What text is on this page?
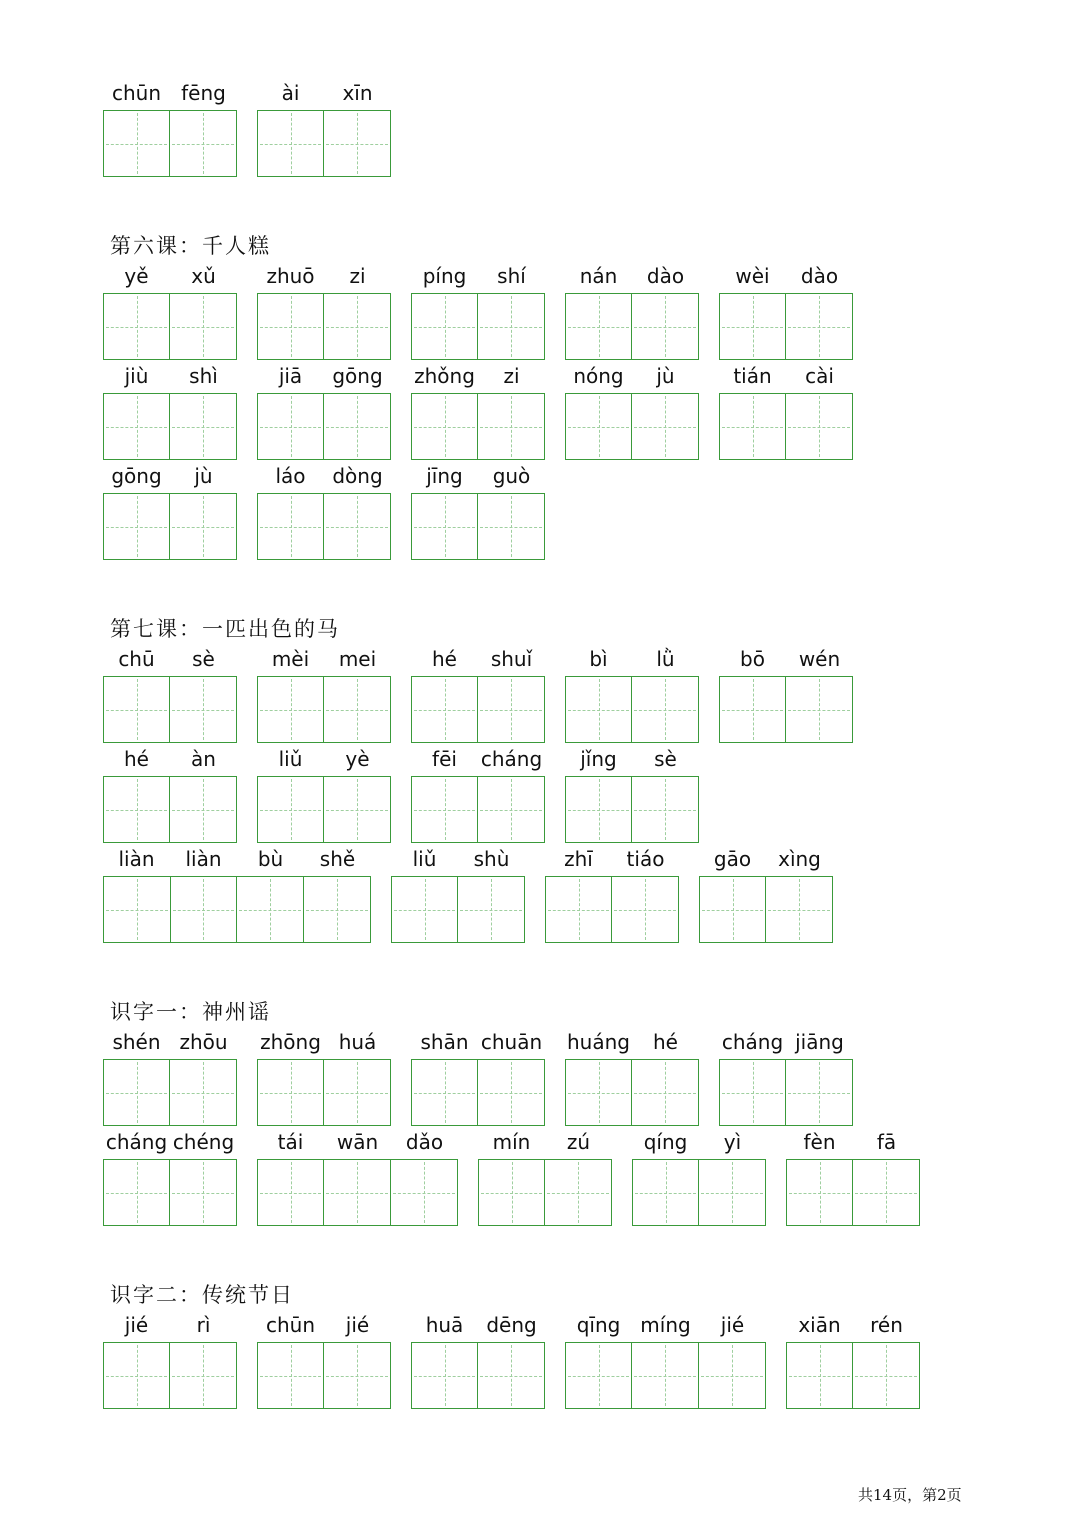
chūn	fēng	ài	xīn
第六课：千人糕
yě	xǔ	zhuō	zi	píng	shí	nán	dào	wèi	dào
jiù	shì	jiā	gōng	zhǒng	zi	nóng	jù	tián	cài
gōng	jù	láo	dòng	jīng	guò
第七课：一匹出色的马
chū	sè	mèi	mei	hé	shuǐ	bì	lǜ	bō	wén
hé	àn	liǔ	yè	fēi	cháng	jǐng	sè
liàn	liàn	bù	shě	liǔ	shù	zhī	tiáo	gāo	xìng
识字一：神州谣
shén zhōu	zhōng huá	shān chuān huáng	hé	cháng jiāng
cháng chéng	tái	wān	dǎo	mín	zú	qíng	yì	fèn	fā
识字二：传统节日
jié	rì	chūn	jié	huā	dēng	qīng míng	jié	xiān	rén
共14页，第2页
